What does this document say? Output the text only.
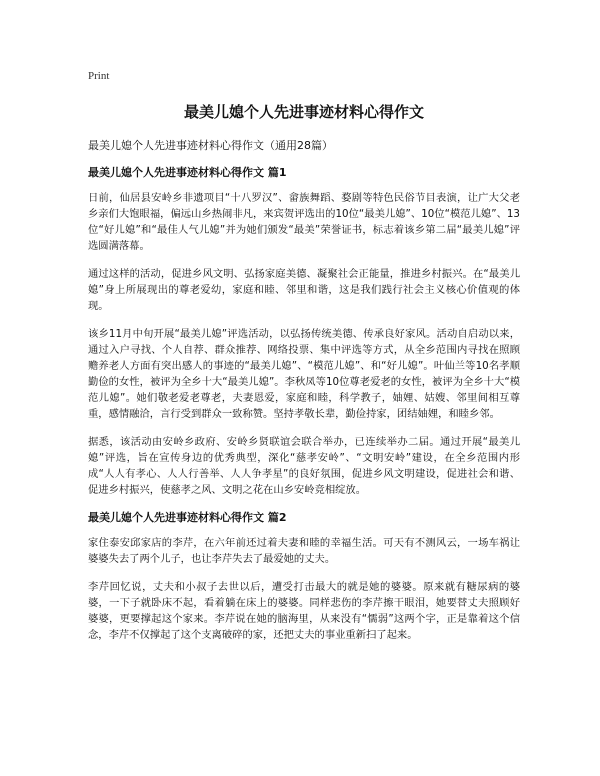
Print
最美儿媳个人先进事迹材料心得作文

最美儿媳个人先进事迹材料心得作文（通用28篇）

最美儿媳个人先进事迹材料心得作文 篇1

日前，仙居县安岭乡非遗项目“十八罗汉”、畲族舞蹈、婺剧等特色民俗节目表演，让广大父老乡亲们大饱眼福，偏远山乡热闹非凡，来宾贺评选出的10位“最美儿媳”、10位“模范儿媳”、13位“好儿媳”和“最佳人气儿媳”并为她们颁发“最美”荣誉证书，标志着该乡第二届“最美儿媳”评选圆满落幕。

通过这样的活动，促进乡风文明、弘扬家庭美德、凝聚社会正能量，推进乡村振兴。在“最美儿媳”身上所展现出的尊老爱幼，家庭和睦、邻里和谐，这是我们践行社会主义核心价值观的体现。

该乡11月中旬开展“最美儿媳”评选活动，以弘扬传统美德、传承良好家风。活动自启动以来，通过入户寻找、个人自荐、群众推荐、网络投票、集中评选等方式，从全乡范围内寻找在照顾赡养老人方面有突出感人的事迹的“最美儿媳”、“模范儿媳”、和“好儿媳”。叶仙兰等10名孝顺勤俭的女性，被评为全乡十大“最美儿媳”。李秋凤等10位尊老爱老的女性，被评为全乡十大“模范儿媳”。她们敬老爱老尊老，夫妻恩爱，家庭和睦，科学教子，妯娌、姑嫂、邻里间相互尊重，感情融洽，言行受到群众一致称赞。坚持孝敬长辈，勤俭持家，团结妯娌，和睦乡邻。

据悉，该活动由安岭乡政府、安岭乡贤联谊会联合举办，已连续举办二届。通过开展“最美儿媳”评选，旨在宣传身边的优秀典型，深化“慈孝安岭”、“文明安岭”建设，在全乡范围内形成“人人有孝心、人人行善举、人人争孝星”的良好氛围，促进乡风文明建设，促进社会和谐、促进乡村振兴，使慈孝之风、文明之花在山乡安岭竞相绽放。

最美儿媳个人先进事迹材料心得作文 篇2

家住泰安邱家店的李芹，在六年前还过着夫妻和睦的幸福生活。可天有不测风云，一场车祸让婆婆失去了两个儿子，也让李芹失去了最爱她的丈夫。

李芹回忆说，丈夫和小叔子去世以后，遭受打击最大的就是她的婆婆。原来就有糖尿病的婆婆，一下子就卧床不起，看着躺在床上的婆婆。同样悲伤的李芹擦干眼泪，她要替丈夫照顾好婆婆，更要撑起这个家来。李芹说在她的脑海里，从来没有“懦弱”这两个字，正是靠着这个信念，李芹不仅撑起了这个支离破碎的家，还把丈夫的事业重新扫了起来。
